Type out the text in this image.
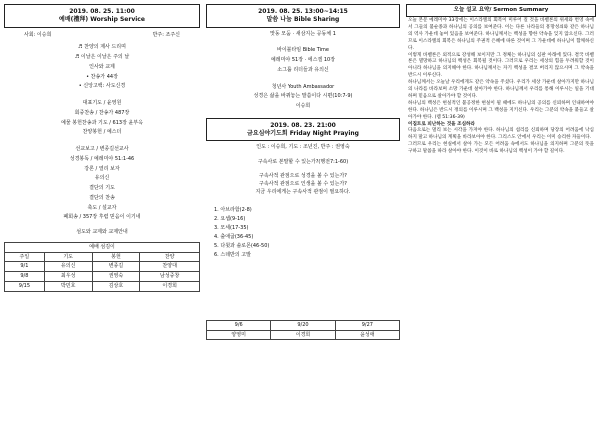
2019. 08. 25. 11:00
예배(禮拜) Worship Service
사회: 이승희	반주: 조주신
♬ 찬양의 제사 드리며
♬ 이날은 이날은 주의 날
인사와 교제
• 찬송가 44장
• 신앙고백: 사도신경
대표기도 / 윤영원
회중찬송 / 찬송가 487장
예물 봉헌찬송과 기도 / 613장 윤부옥
찬양봉헌 / 예스더
선교보고 / 변종길선교사
성경봉독 / 예레미야 51:1-46
강론 / 열리 보자
유의신
결단의 기도
결단의 찬송
축도 / 설교자
폐회송 / 357장 후렴 믿음이 이기네
섬도와 교제와 교제안내
예배 섬김이
주일	기도	봉헌	찬양
9/1	유의신	변종길	찬양대
9/8	최우성	권영숙	남성중창
9/15	박민호	김상호	이경희
2019. 08. 25. 13:00~14:15
말씀 나눔 Bible Sharing
맛동 모둠 · 새삼지는 공동체 1
바이블타임 Bible Time
예레미야 51장 · 에스겔 10장
소그룹 리더들과 유의신
청년사 Youth Ambassador
성경은 삶을 바꿔놓는 말씀이다 시편(10:7-9)
이승희
2019. 08. 23. 21:00
금요심야기도회 Friday Night Praying
인도 : 이승희, 기도 : 조년진, 반주 : 권영숙
구속사로 본말할 수 있는가?(행전7:1-60)
구속사적 관점으로 성경을 볼 수 있는가?
구속사적 관점으로 인생을 볼 수 있는가?
지금 우리에게는 구속사적 관점이 필요하다.
1. 아브라함(2-8)
2. 요셉(9-16)
3. 모세(17-35)
4. 출애굽(36-45)
5. 다윗과 솔로몬(46-50)
6. 스데반의 고발
9/6	9/20	9/27
양영미	이경희	윤성애
오늘 설교 요약/ Sermon Summary

오늘 본문 예레미야 33장에는 이스라엘의 회복이 미루어 질 것을 바벨론의 위세와 번영 속에서 그들의 불순종과 하나님의 공의를 보여준다. 이는 다른 나라들의 흥망성쇠와 같은 하나님의 역사 가운데 놓여 있음을 보여준다. 하나님께서는 백성을 향한 약속을 잊지 않으신다. 그러므로 이스라엘의 회복은 하나님의 주권적 은혜에 따른 것이며 그 가운데에 하나님이 함께하신다.

이렇게 바벨론은 외적으로 강성해 보이지만 그 정체는 하나님의 심판 아래에 있다. 결국 바벨론은 멸망하고 하나님의 백성은 회복될 것이다. 그러므로 우리는 세상의 힘을 두려워할 것이 아니라 하나님을 의지해야 한다. 하나님께서는 자기 백성을 결코 버리지 않으시며 그 약속을 반드시 이루신다.

하나님께서는 오늘날 우리에게도 같은 약속을 주셨다. 우리가 세상 가운데 살아가지만 하나님의 나라를 바라보며 소망 가운데 살아가야 한다. 하나님께서 우리를 통해 이루시는 일을 기대하며 믿음으로 살아가야 할 것이다.

하나님의 백성은 현실적인 불공정한 현실이 될 때에도 하나님의 공의를 신뢰하며 인내하여야 한다. 하나님은 반드시 정의를 이루시며 그 백성을 지키신다. 우리는 그분의 약속을 붙들고 살아가야 한다. (렘 51:36-39)

이집트로 피난하는 것을 조심하라

다음으로는 멀리 보는 시각을 가져야 한다. 하나님의 섭리를 신뢰하며 당장의 어려움에 낙심하지 말고 하나님의 계획을 바라보아야 한다. 그리스도 안에서 우리는 이미 승리한 자들이다.

그러므로 우리는 현실에서 살아 가는 모든 어려움 속에서도 하나님을 의지하며 그분의 뜻을 구하고 말씀을 따라 살아야 한다. 이것이 바로 하나님의 백성이 가야 할 길이다.
